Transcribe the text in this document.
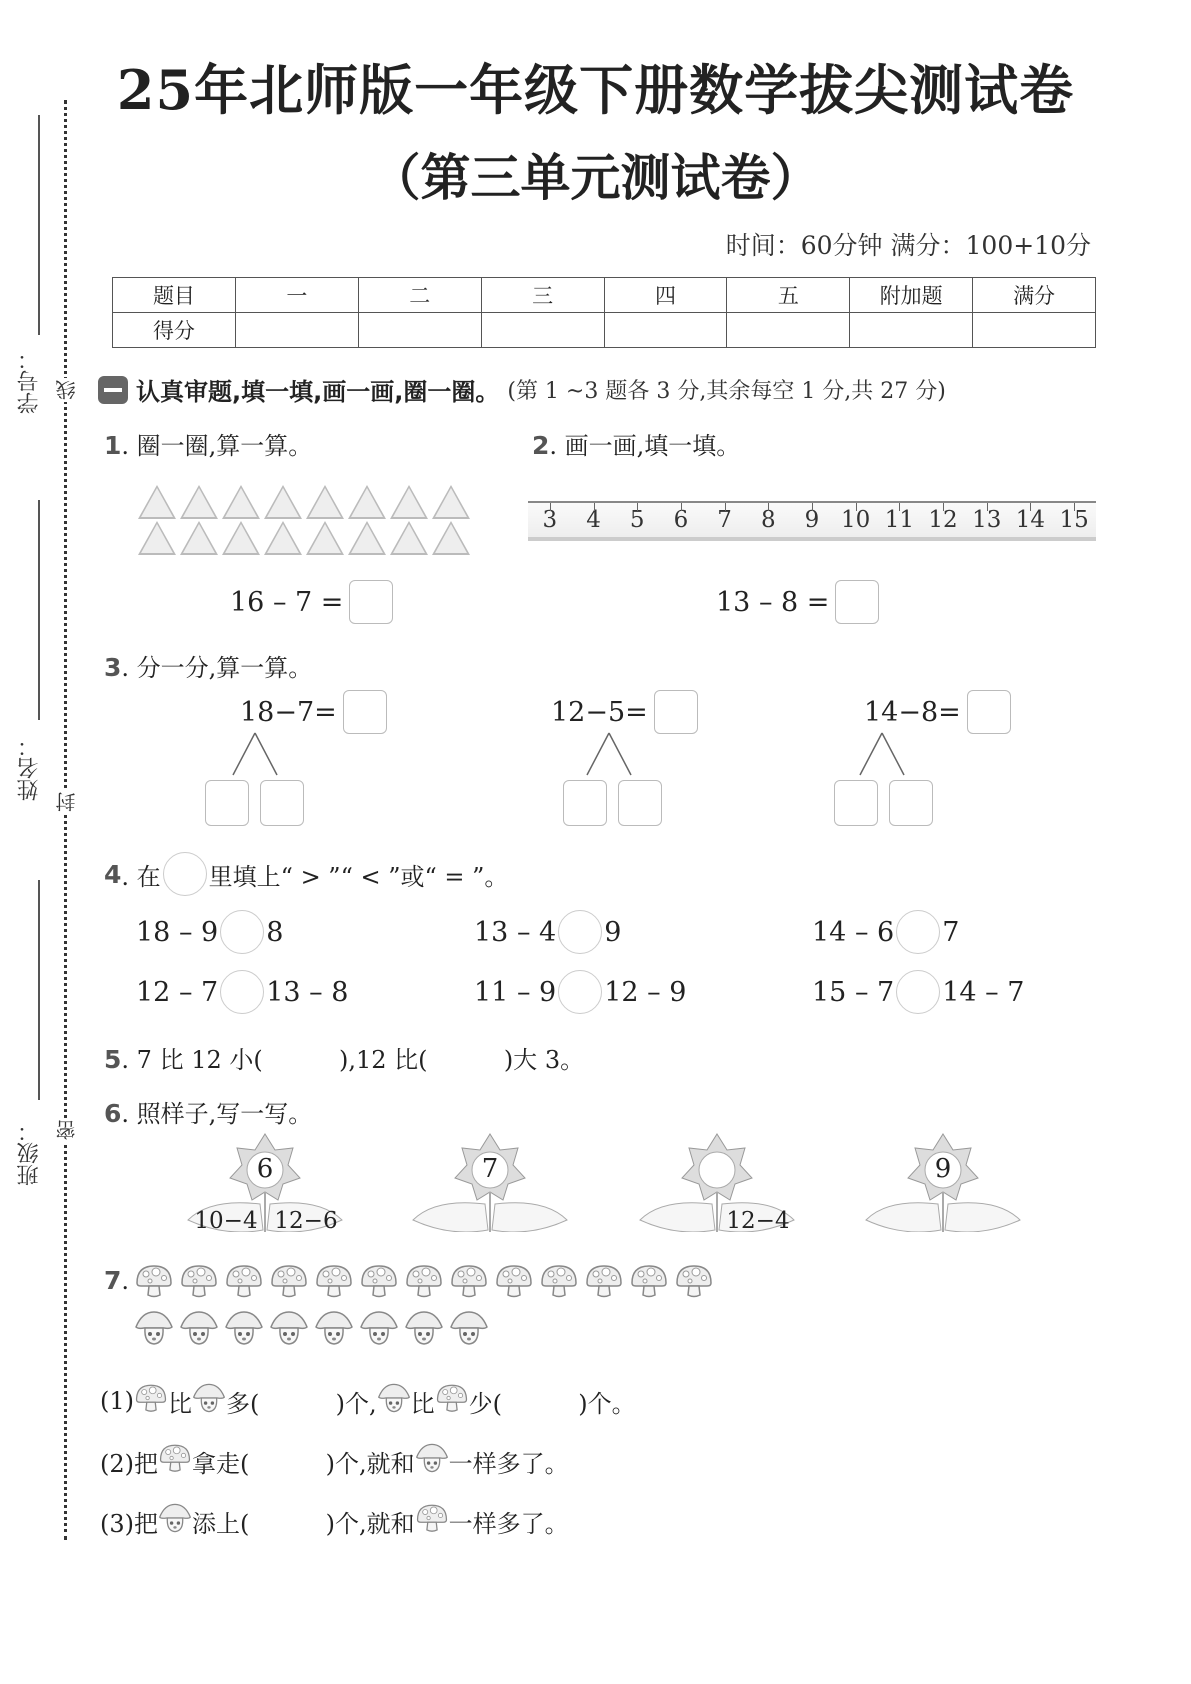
学号：
姓名：
班级：
线
封
密
25年北师版一年级下册数学拔尖测试卷
（第三单元测试卷）
时间：60分钟 满分：100+10分
题目	一	二	三	四	五	附加题	满分
得分							
认真审题,填一填,画一画,圈一圈。 (第 1 ~3 题各 3 分,其余每空 1 分,共 27 分)
1 . 圈一圈,算一算。
16 – 7 =
2 . 画一画,填一填。
3	4	5	6	7	8	9 10 11 12 13 14 15
13 – 8 =
3 . 分一分,算一算。
18−7=	12−5=	14−8=
4 . 在 里填上“ > ”“ < ”或“ = ”。
18 – 9 8	13 – 4 9	14 – 6 7
12 – 7 13 – 8	11 – 9 12 – 9	15 – 7 14 – 7
5 . 7 比 12 小(          ),12 比(          )大 3。
6 . 照样子,写一写。
6
10−4 12−6
7
12−4
9
7 .
(1) 比 多(          )个, 比 少(          )个。
(2)把 拿走(          )个,就和 一样多了。
(3)把 添上(          )个,就和 一样多了。
